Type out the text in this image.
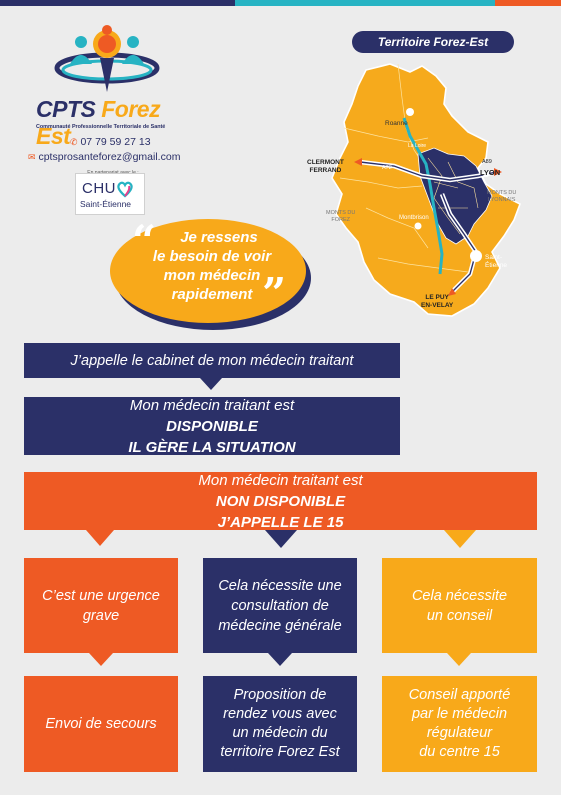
CPTS Forez Est
Communauté Professionnelle Territoriale de Santé
✆ 07 79 59 27 13
✉ cptsprosanteforez@gmail.com
CHU
Saint-Étienne
Territoire Forez-Est
Roanne
CLERMONT
FERRAND	A72
La Loire
A89
LYON
MONTS DU
LYONNAIS
MONTS DU
FOREZ	Montbrison
Saint-
Étienne
LE PUY
EN-VELAY
“	Je ressens
le besoin de voir
mon médecin
rapidement ”
J’appelle le cabinet de mon médecin traitant
Mon médecin traitant est
DISPONIBLE
IL GÈRE LA SITUATION
Mon médecin traitant est
NON DISPONIBLE
J’APPELLE LE 15
C’est une urgence
grave
Envoi de secours
Cela nécessite une
consultation de
médecine générale
Proposition de
rendez vous avec
un médecin du
territoire Forez Est
Cela nécessite
un conseil
Conseil apporté
par le médecin
régulateur
du centre 15
